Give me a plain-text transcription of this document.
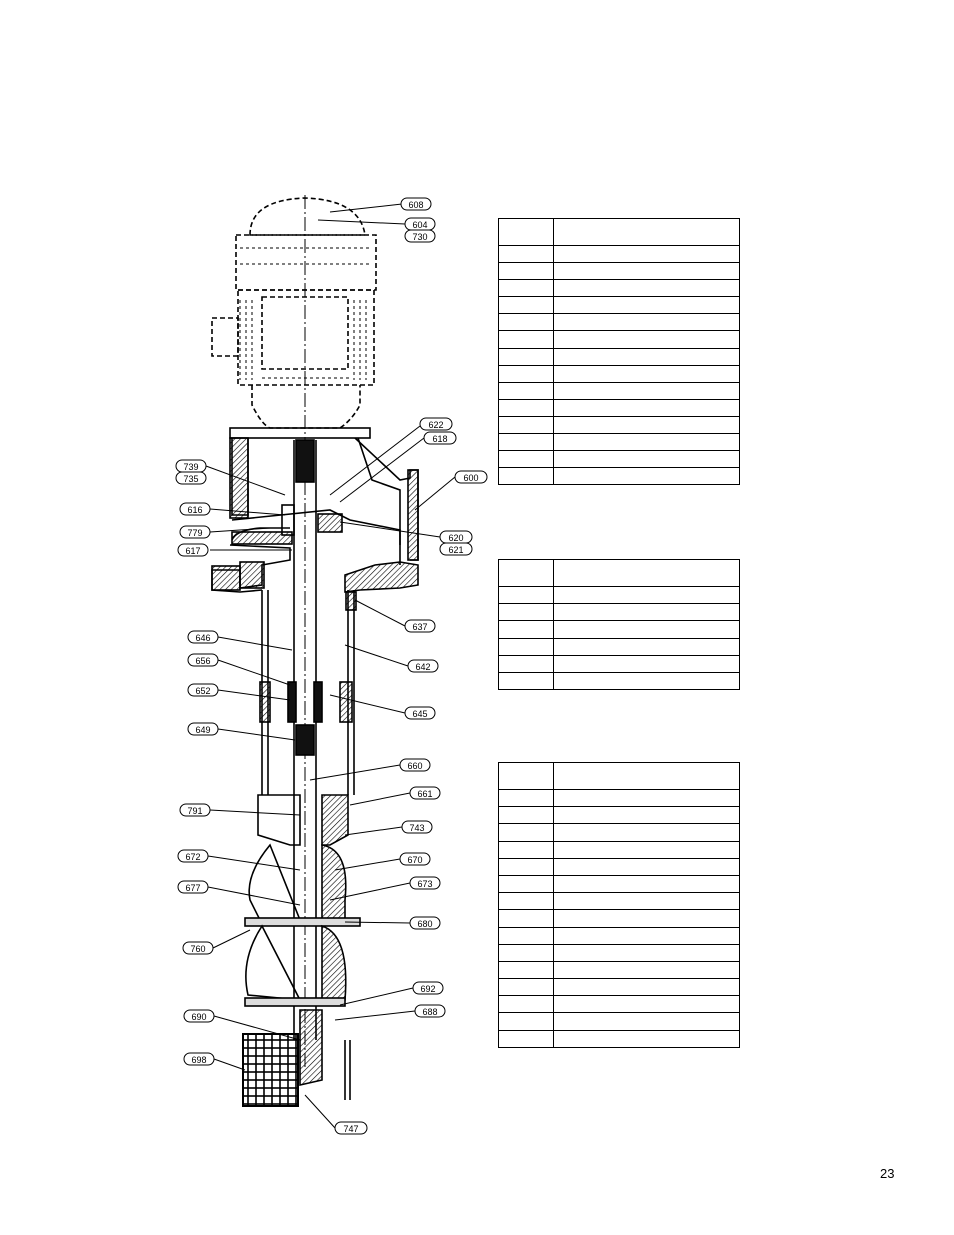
608
604
730
622
618
739
735	600
616
779	620
617	621
637
646
642
656
652
645
649
660
661
791
743
672	670
677	673
680
760
692
688
690
698
747
23
